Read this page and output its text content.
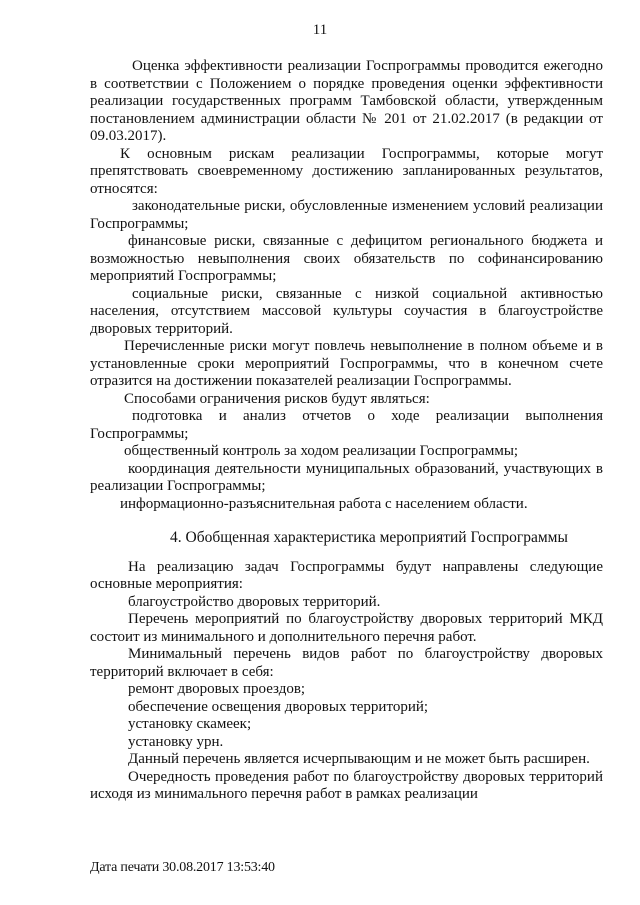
11

Оценка эффективности реализации Госпрограммы проводится ежегодно в соответствии с Положением о порядке проведения оценки эффективности реализации государственных программ Тамбовской области, утвержденным постановлением администрации области № 201 от 21.02.2017 (в редакции от 09.03.2017).

К основным рискам реализации Госпрограммы, которые могут препятствовать своевременному достижению запланированных результатов, относятся:

законодательные риски, обусловленные изменением условий реализации Госпрограммы;

финансовые риски, связанные с дефицитом регионального бюджета и возможностью невыполнения своих обязательств по софинансированию мероприятий Госпрограммы;

социальные риски, связанные с низкой социальной активностью населения, отсутствием массовой культуры соучастия в благоустройстве дворовых территорий.

Перечисленные риски могут повлечь невыполнение в полном объеме и в установленные сроки мероприятий Госпрограммы, что в конечном счете отразится на достижении показателей реализации Госпрограммы.

Способами ограничения рисков будут являться:

подготовка и анализ отчетов о ходе реализации выполнения Госпрограммы;

общественный контроль за ходом реализации Госпрограммы;

координация деятельности муниципальных образований, участвующих в реализации Госпрограммы;

информационно-разъяснительная работа с населением области.

4. Обобщенная характеристика мероприятий Госпрограммы

На реализацию задач Госпрограммы будут направлены следующие основные мероприятия:

благоустройство дворовых территорий.

Перечень мероприятий по благоустройству дворовых территорий МКД состоит из минимального и дополнительного перечня работ.

Минимальный перечень видов работ по благоустройству дворовых территорий включает в себя:

ремонт дворовых проездов;

обеспечение освещения дворовых территорий;

установку скамеек;

установку урн.

Данный перечень является исчерпывающим и не может быть расширен.

Очередность проведения работ по благоустройству дворовых территорий исходя из минимального перечня работ в рамках реализации

Дата печати 30.08.2017 13:53:40
